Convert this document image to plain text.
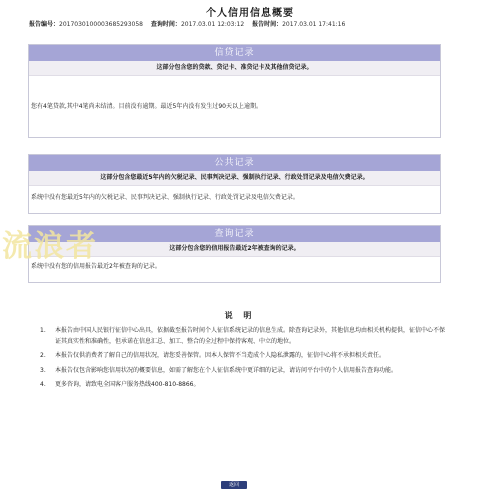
个人信用信息概要
报告编号：2017030100003685293058 查询时间：2017.03.01 12:03:12 报告时间：2017.03.01 17:41:16
信贷记录
这部分包含您的贷款、贷记卡、准贷记卡及其他信贷记录。
您有4笔贷款,其中4笔尚未结清。目前没有逾期。最近5年内没有发生过90天以上逾期。
公共记录
这部分包含您最近5年内的欠税记录、民事判决记录、强制执行记录、行政处罚记录及电信欠费记录。
系统中没有您最近5年内的欠税记录、民事判决记录、强制执行记录、行政处罚记录及电信欠费记录。
查询记录
这部分包含您的信用报告最近2年被查询的记录。
系统中没有您的信用报告最近2年被查询的记录。
流浪者
说 明
1. 本报告由中国人民银行征信中心出具，依据截至报告时间个人征信系统记录的信息生成。除查询记录外，其他信息均由相关机构提供，征信中心不保证其真实性和准确性，但承诺在信息汇总、加工、整合的全过程中保持客观、中立的地位。
2. 本报告仅供消费者了解自己的信用状况，请您妥善保管。因本人保管不当造成个人隐私泄露的，征信中心将不承担相关责任。
3. 本报告仅包含影响您信用状况的概要信息，如需了解您在个人征信系统中更详细的记录，请访问平台中的个人信用报告查询功能。
4. 更多咨询，请致电全国客户服务热线400-810-8866。
返回
